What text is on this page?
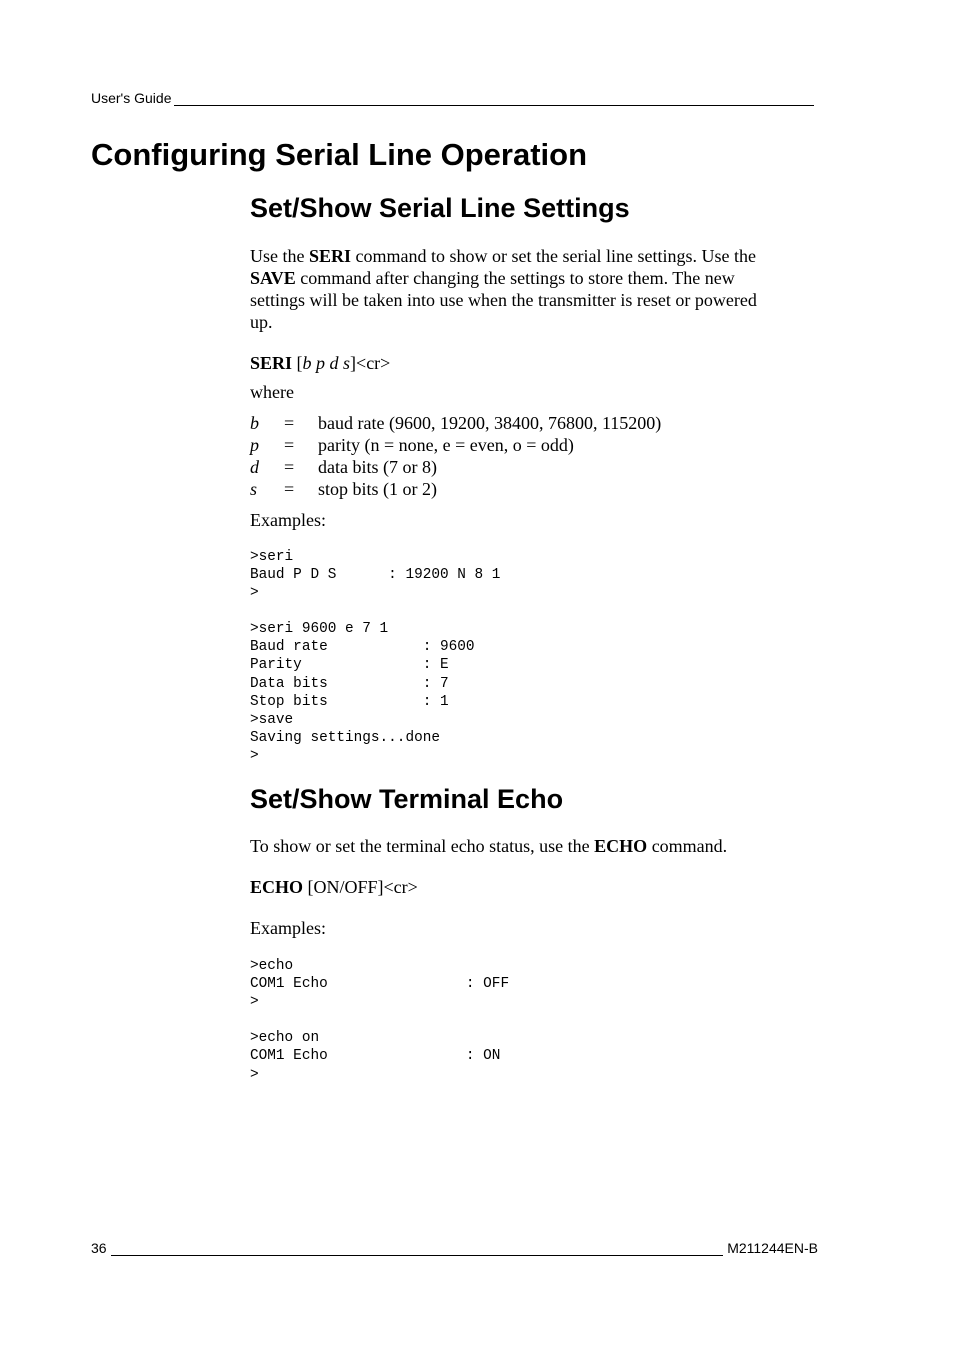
User's Guide
Configuring Serial Line Operation
Set/Show Serial Line Settings

Use the SERI command to show or set the serial line settings. Use the
SAVE command after changing the settings to store them. The new
settings will be taken into use when the transmitter is reset or powered
up.

SERI [b p d s]<cr>

where

b	=	baud rate (9600, 19200, 38400, 76800, 115200)
p	=	parity (n = none, e = even, o = odd)
d	=	data bits (7 or 8)
s	=	stop bits (1 or 2)

Examples:

>seri
Baud P D S      : 19200 N 8 1
>
>seri 9600 e 7 1
Baud rate           : 9600
Parity              : E
Data bits           : 7
Stop bits           : 1
>save
Saving settings...done
>
Set/Show Terminal Echo

To show or set the terminal echo status, use the ECHO command.

ECHO [ON/OFF]<cr>

Examples:

>echo
COM1 Echo                : OFF
>
>echo on
COM1 Echo                : ON
>
36	M211244EN-B
